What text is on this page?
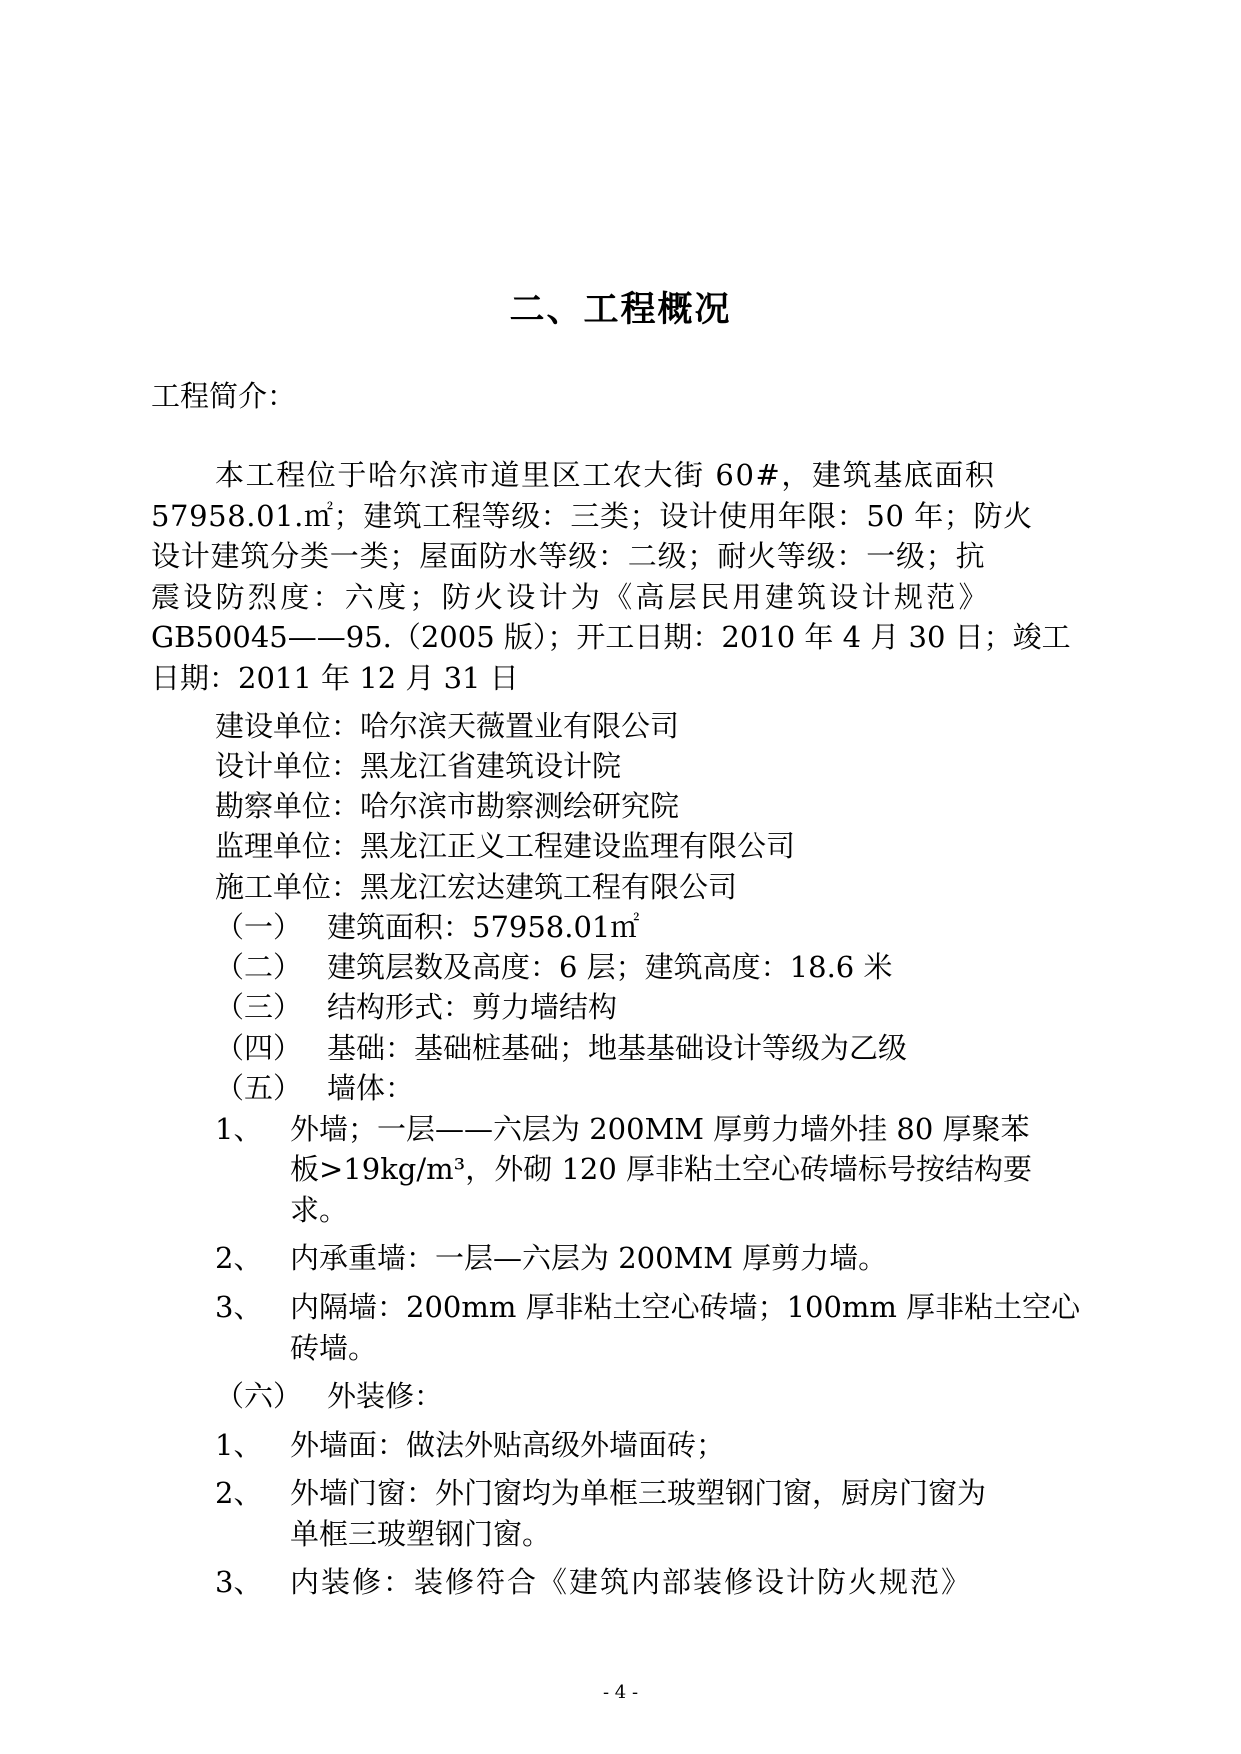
二、工程概况
工程简介：
本工程位于哈尔滨市道里区工农大街 60#，建筑基底面积
57958.01.㎡；建筑工程等级：三类；设计使用年限：50 年；防火
设计建筑分类一类；屋面防水等级：二级；耐火等级：一级；抗
震设防烈度：六度；防火设计为《高层民用建筑设计规范》
GB50045——95.（2005 版）；开工日期：2010 年 4 月 30 日；竣工
日期：2011 年 12 月 31 日
建设单位：哈尔滨天薇置业有限公司
设计单位：黑龙江省建筑设计院
勘察单位：哈尔滨市勘察测绘研究院
监理单位：黑龙江正义工程建设监理有限公司
施工单位：黑龙江宏达建筑工程有限公司
（一） 建筑面积：57958.01㎡
（二） 建筑层数及高度：6 层；建筑高度：18.6 米
（三） 结构形式：剪力墙结构
（四） 基础：基础桩基础；地基基础设计等级为乙级
（五） 墙体：
1、 外墙；一层——六层为 200MM 厚剪力墙外挂 80 厚聚苯
板>19kg/m³，外砌 120 厚非粘土空心砖墙标号按结构要
求。
2、 内承重墙：一层—六层为 200MM 厚剪力墙。
3、 内隔墙：200mm 厚非粘土空心砖墙；100mm 厚非粘土空心
砖墙。
（六） 外装修：
1、 外墙面：做法外贴高级外墙面砖；
2、 外墙门窗：外门窗均为单框三玻塑钢门窗，厨房门窗为
单框三玻塑钢门窗。
3、 内装修：装修符合《建筑内部装修设计防火规范》
- 4 -
